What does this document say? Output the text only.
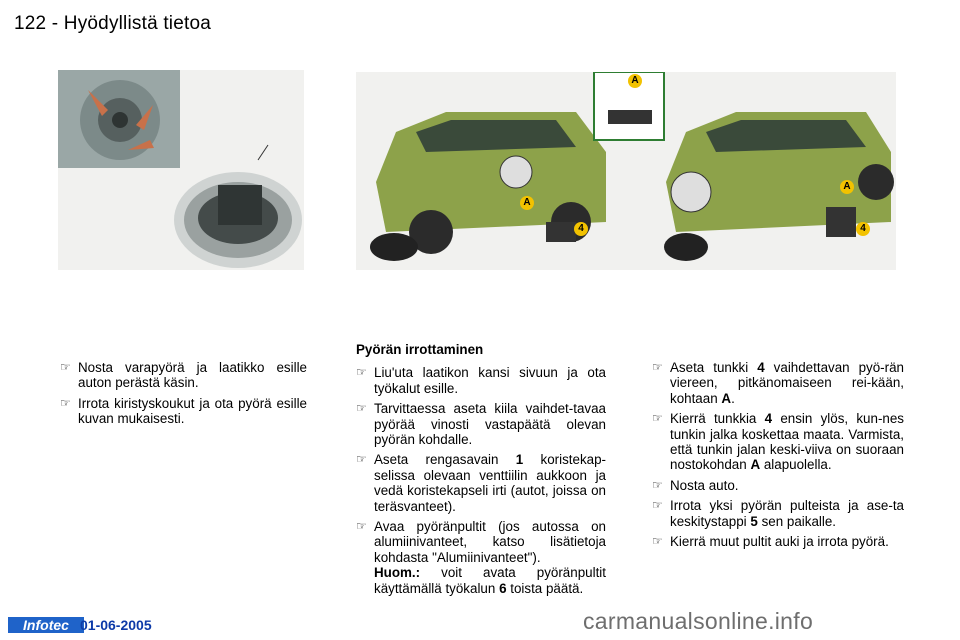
122 - Hyödyllistä tietoa
A
4
A
A
4
☞ Nosta varapyörä ja laatikko esille auton perästä käsin.
☞ Irrota kiristyskoukut ja ota pyörä esille kuvan mukaisesti.
Pyörän irrottaminen
☞ Liu'uta laatikon kansi sivuun ja ota työkalut esille.
☞ Tarvittaessa aseta kiila vaihdet-tavaa pyörää vinosti vastapäätä olevan pyörän kohdalle.
☞ Aseta rengasavain 1 koristekap-selissa olevaan venttiilin aukkoon ja vedä koristekapseli irti (autot, joissa on teräsvanteet).
☞ Avaa pyöränpultit (jos autossa on alumiinivanteet, katso lisätietoja kohdasta "Alumiinivanteet").
Huom.: voit avata pyöränpultit käyttämällä työkalun 6 toista päätä.
☞ Aseta tunkki 4 vaihdettavan pyö-rän viereen, pitkänomaiseen rei-kään, kohtaan A.
☞ Kierrä tunkkia 4 ensin ylös, kun-nes tunkin jalka koskettaa maata. Varmista, että tunkin jalan keski-viiva on suoraan nostokohdan A alapuolella.
☞ Nosta auto.
☞ Irrota yksi pyörän pulteista ja ase-ta keskitystappi 5 sen paikalle.
☞ Kierrä muut pultit auki ja irrota pyörä.
Infotec 01-06-2005	carmanualsonline.info
